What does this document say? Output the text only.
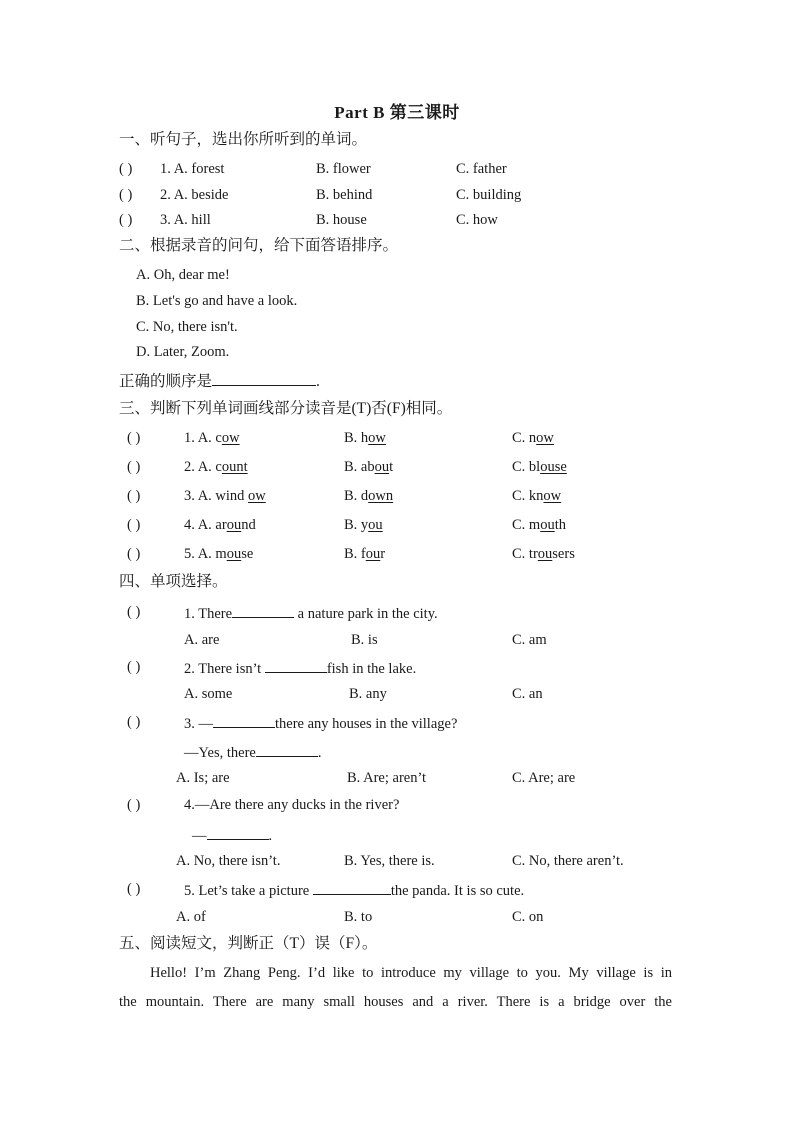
Part B 第三课时
一、听句子，选出你所听到的单词。
( ) 1. A. forest	B. flower	C. father
( ) 2. A. beside	B. behind	C. building
( ) 3. A. hill	B. house	C. how
二、根据录音的问句，给下面答语排序。
A. Oh, dear me!
B. Let's go and have a look.
C. No, there isn't.
D. Later, Zoom.
正确的顺序是	.
三、判断下列单词画线部分读音是(T)否(F)相同。
( )	1. A. cow	B. how	C. now
( )	2. A. count	B. about	C. blouse
( )	3. A. wind ow	B. down	C. know
( )	4. A. around	B. you	C. mouth
( )	5. A. mouse	B. four	C. trousers
四、单项选择。
( )	1. There	a nature park in the city.
A. are	B. is	C. am
( )	2. There isn’t	fish in the lake.
A. some	B. any	C. an
( )	3. —	there any houses in the village?
—Yes, there	.
A. Is; are	B. Are; aren’t	C. Are; are
( )	4.—Are there any ducks in the river?
—	.
A. No, there isn’t.	B. Yes, there is.	C. No, there aren’t.
( )	5. Let’s take a picture	the panda. It is so cute.
A. of	B. to	C. on
五、阅读短文，判断正（T）误（F）。
Hello! I’m Zhang Peng. I’d like to introduce my village to you. My village is in
the mountain. There are many small houses and a river. There is a bridge over the
